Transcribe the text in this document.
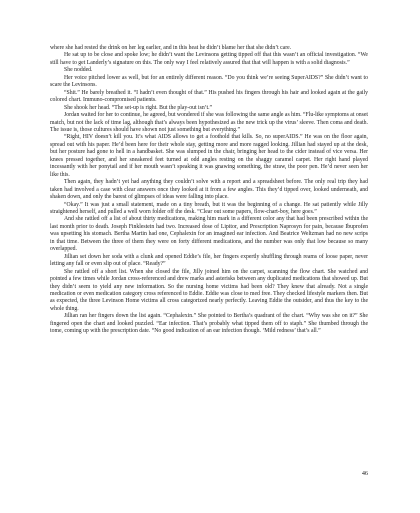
where she had rested the drink on her leg earlier, and in this heat he didn’t blame her that she didn’t care.

He sat up to be close and spoke low; he didn’t want the Levinsons getting tipped off that this wasn’t an official investigation. “We still have to get Landerly’s signature on this. The only way I feel relatively assured that that will happen is with a solid diagnosis.”

She nodded.

Her voice pitched lower as well, but for an entirely different reason. “Do you think we’re seeing SuperAIDS?” She didn’t want to scare the Levinsons.

“Shit.” He barely breathed it. “I hadn’t even thought of that.” His pushed his fingers through his hair and looked again at the gaily colored chart. Immuno-compromised patients.

She shook her head. “The set-up is right. But the play-out isn’t.”

Jordan waited for her to continue, he agreed, but wondered if she was following the same angle as him. “Flu-like symptoms at onset match, but not the lack of time lag, although that’s always been hypothesized as the new trick up the virus’ sleeve. Then coma and death. The issue is, those cultures should have shown not just something but everything.”

“Right, HIV doesn’t kill you. It’s what AIDS allows to get a foothold that kills. So, no superAIDS.” He was on the floor again, spread out with his paper. He’d been here for their whole stay, getting more and more ragged looking. Jillian had stayed up at the desk, but her posture had gone to hell in a handbasket. She was slumped in the chair, bringing her head to the cider instead of vice versa. Her knees pressed together, and her sneakered feet turned at odd angles resting on the shaggy caramel carpet. Her right hand played incessantly with her ponytail and if her mouth wasn’t speaking it was gnawing something, the straw, the poor pen. He’d never seen her like this.

Then again, they hadn’t yet had anything they couldn’t solve with a report and a spreadsheet before. The only real trip they had taken had involved a case with clear answers once they looked at it from a few angles. This they’d tipped over, looked underneath, and shaken down, and only the barest of glimpses of ideas were falling into place.

“Okay.” It was just a small statement, made on a tiny breath, but it was the beginning of a change. He sat patiently while Jilly straightened herself, and pulled a well worn folder off the desk. “Clear out some papers, flow-chart-boy, here goes.”

And she rattled off a list of about thirty medications, making him mark in a different color any that had been prescribed within the last month prior to death. Joseph Finklestein had two. Increased dose of Lipitor, and Prescription Naprosyn for pain, because Ibuprofen was upsetting his stomach. Bertha Martin had one, Cephalexin for an imagined ear infection. And Beatrice Weltzman had no new scrips in that time. Between the three of them they were on forty different medications, and the number was only that low because so many overlapped.

Jillian set down her soda with a clunk and opened Eddie’s file, her fingers expertly shuffling through reams of loose paper, never letting any fall or even slip out of place. “Ready?”

She rattled off a short list. When she closed the file, Jilly joined him on the carpet, scanning the flow chart. She watched and pointed a few times while Jordan cross-referenced and drew marks and asterisks between any duplicated medications that showed up. But they didn’t seem to yield any new information. So the nursing home victims had been old? They knew that already. Not a single medication or even medication category cross referenced to Eddie. Eddie was close to med free. They checked lifestyle markers then. But as expected, the three Levinson Home victims all cross categorized nearly perfectly. Leaving Eddie the outsider, and thus the key to the whole thing.

Jillian ran her fingers down the list again. “Cephalexin.” She pointed to Bertha’s quadrant of the chart. “Why was she on it?” She fingered open the chart and looked puzzled. “Ear infection. That’s probably what tipped them off to staph.” She thumbed through the tome, coming up with the prescription date. “No good indication of an ear infection though. ‘Mild redness’ that’s all.”

46
